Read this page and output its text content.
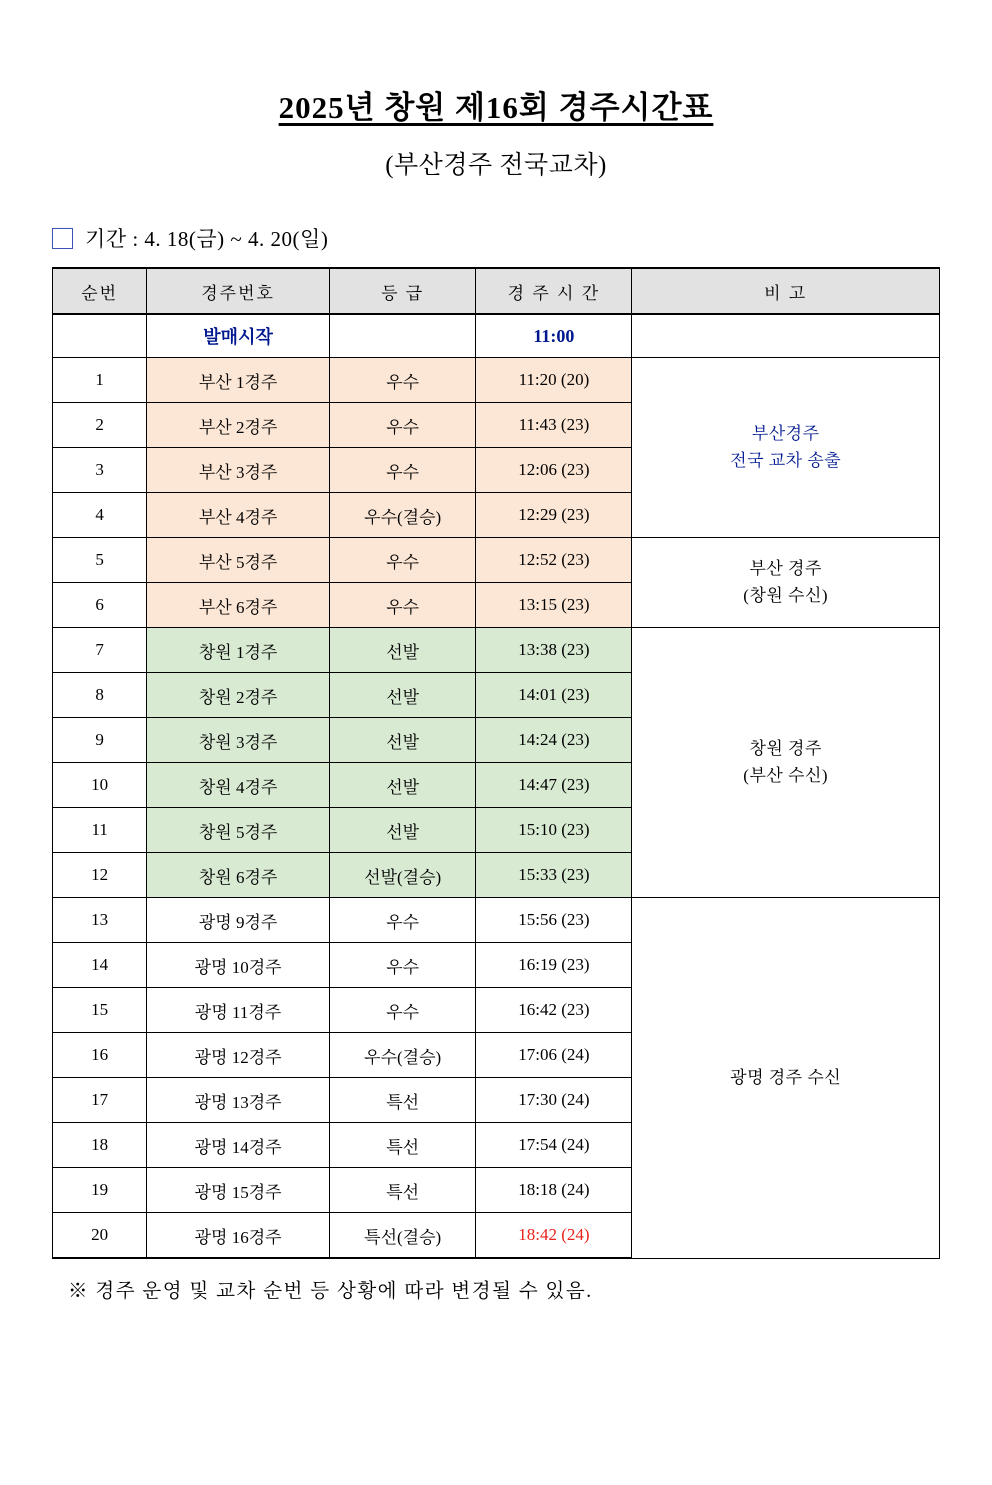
2025년 창원 제16회 경주시간표
(부산경주 전국교차)
기간 : 4. 18(금) ~ 4. 20(일)
순번	경주번호	등 급	경 주 시 간	비 고
	발매시작		11:00	
1	부산 1경주	우수	11:20 (20)	부산경주
전국 교차 송출
2	부산 2경주	우수	11:43 (23)	
3	부산 3경주	우수	12:06 (23)	
4	부산 4경주	우수(결승)	12:29 (23)	
5	부산 5경주	우수	12:52 (23)	부산 경주
(창원 수신)
6	부산 6경주	우수	13:15 (23)	
7	창원 1경주	선발	13:38 (23)	창원 경주
(부산 수신)
8	창원 2경주	선발	14:01 (23)	
9	창원 3경주	선발	14:24 (23)	
10	창원 4경주	선발	14:47 (23)	
11	창원 5경주	선발	15:10 (23)	
12	창원 6경주	선발(결승)	15:33 (23)	
13	광명 9경주	우수	15:56 (23)	광명 경주 수신
14	광명 10경주	우수	16:19 (23)	
15	광명 11경주	우수	16:42 (23)	
16	광명 12경주	우수(결승)	17:06 (24)	
17	광명 13경주	특선	17:30 (24)	
18	광명 14경주	특선	17:54 (24)	
19	광명 15경주	특선	18:18 (24)	
20	광명 16경주	특선(결승)	18:42 (24)	
※ 경주 운영 및 교차 순번 등 상황에 따라 변경될 수 있음.
